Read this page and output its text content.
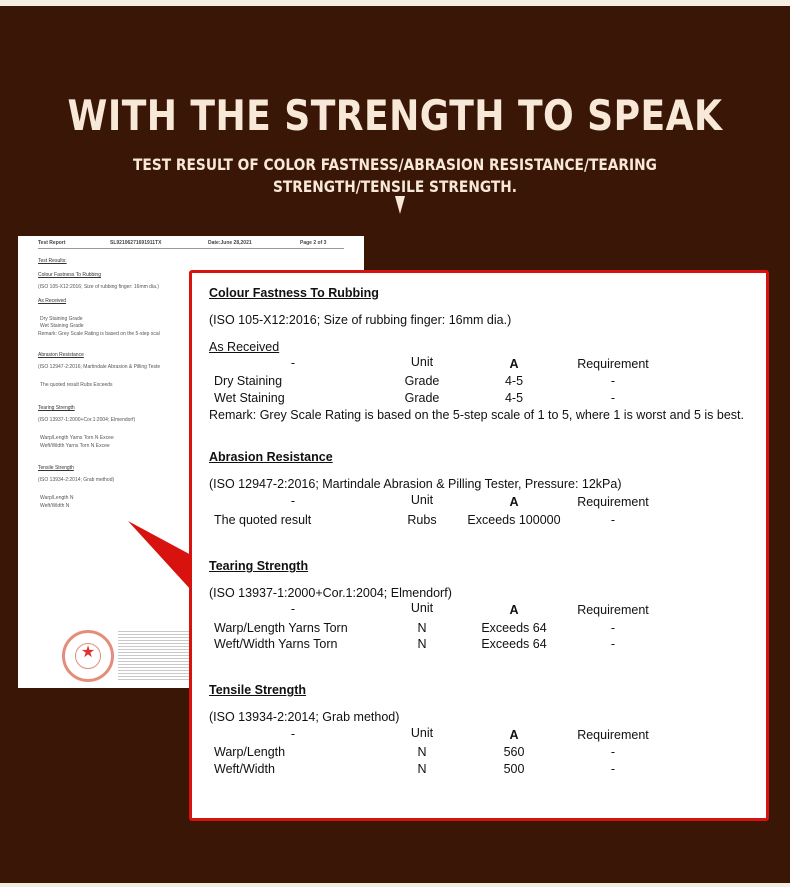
WITH THE STRENGTH TO SPEAK
TEST RESULT OF COLOR FASTNESS/ABRASION RESISTANCE/TEARING STRENGTH/TENSILE STRENGTH.
Test Report	SL92106271691911TX	Date:June 28,2021	Page 2 of 3
Test Results:
Colour Fastness To Rubbing
(ISO 105-X12:2016; Size of rubbing finger: 16mm dia.)
As Received
Dry Staining Grade
Wet Staining Grade
Remark: Grey Scale Rating is based on the 5-step scal
Abrasion Resistance
(ISO 12947-2:2016; Martindale Abrasion & Pilling Teste
The quoted result Rubs Exceeds
Tearing Strength
(ISO 13937-1:2000+Cor.1:2004; Elmendorf)
Warp/Length Yarns Torn N Excee
Weft/Width Yarns Torn N Excee
Tensile Strength
(ISO 13934-2:2014; Grab method)
Warp/Length N
Weft/Width N
★
Colour Fastness To Rubbing
(ISO 105-X12:2016; Size of rubbing finger: 16mm dia.)
As Received
-	Unit	A	Requirement
Dry Staining	Grade	4-5	-
Wet Staining	Grade	4-5	-
Remark: Grey Scale Rating is based on the 5-step scale of 1 to 5, where 1 is worst and 5 is best.
Abrasion Resistance
(ISO 12947-2:2016; Martindale Abrasion & Pilling Tester, Pressure: 12kPa)
-	Unit	A	Requirement
The quoted result	Rubs	Exceeds 100000	-
Tearing Strength
(ISO 13937-1:2000+Cor.1:2004; Elmendorf)
-	Unit	A	Requirement
Warp/Length Yarns Torn	N	Exceeds 64	-
Weft/Width Yarns Torn	N	Exceeds 64	-
Tensile Strength
(ISO 13934-2:2014; Grab method)
-	Unit	A	Requirement
Warp/Length	N	560	-
Weft/Width	N	500	-
